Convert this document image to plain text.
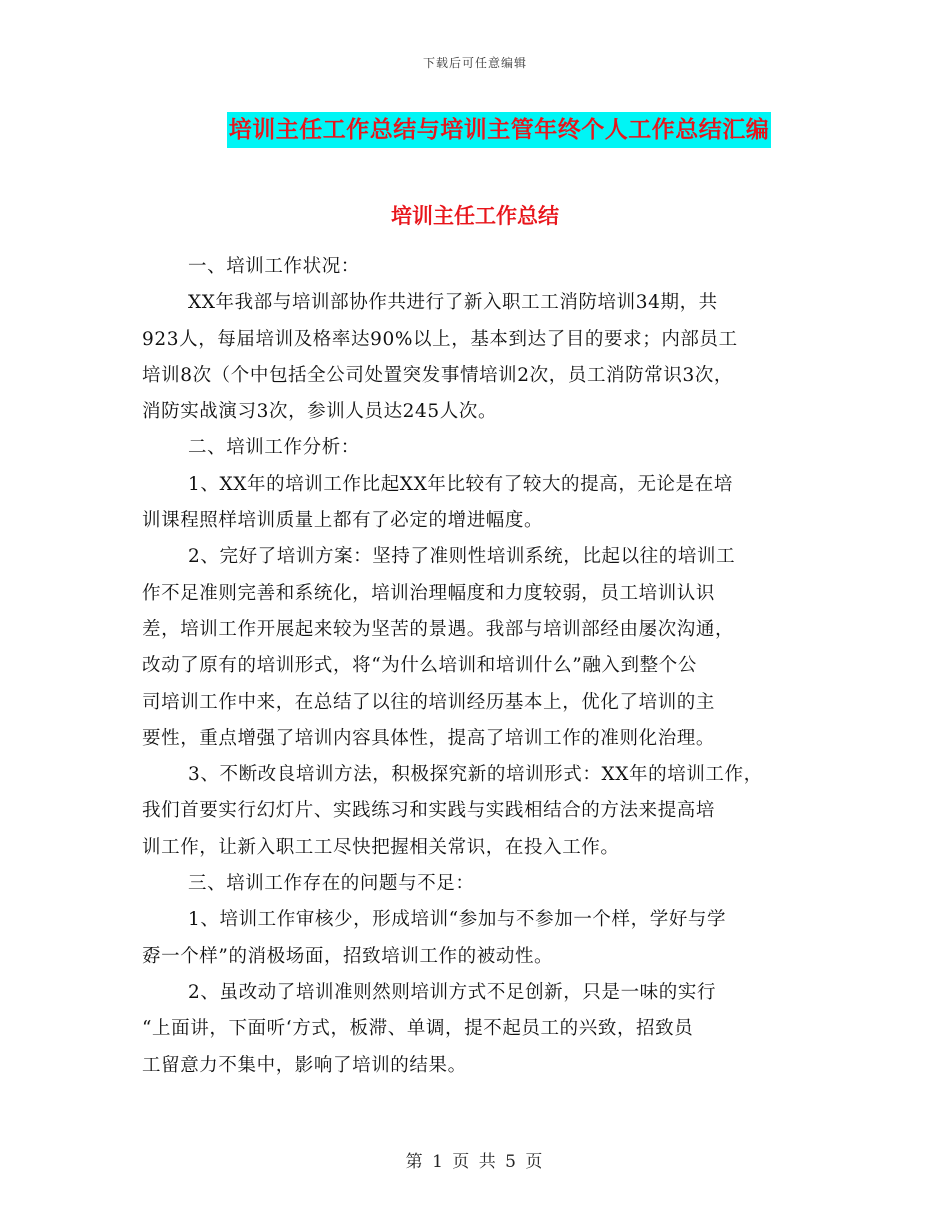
下载后可任意编辑
培训主任工作总结与培训主管年终个人工作总结汇编
培训主任工作总结
一、培训工作状况：
XX年我部与培训部协作共进行了新入职工工消防培训34期，共
923人，每届培训及格率达90%以上，基本到达了目的要求；内部员工
培训8次（个中包括全公司处置突发事情培训2次，员工消防常识3次，
消防实战演习3次，参训人员达245人次。
二、培训工作分析：
1、XX年的培训工作比起XX年比较有了较大的提高，无论是在培
训课程照样培训质量上都有了必定的增进幅度。
2、完好了培训方案：坚持了准则性培训系统，比起以往的培训工
作不足准则完善和系统化，培训治理幅度和力度较弱，员工培训认识
差，培训工作开展起来较为坚苦的景遇。我部与培训部经由屡次沟通，
改动了原有的培训形式，将“为什么培训和培训什么”融入到整个公
司培训工作中来，在总结了以往的培训经历基本上，优化了培训的主
要性，重点增强了培训内容具体性，提高了培训工作的准则化治理。
3、不断改良培训方法，积极探究新的培训形式：XX年的培训工作，
我们首要实行幻灯片、实践练习和实践与实践相结合的方法来提高培
训工作，让新入职工工尽快把握相关常识，在投入工作。
三、培训工作存在的问题与不足：
1、培训工作审核少，形成培训“参加与不参加一个样，学好与学
孬一个样”的消极场面，招致培训工作的被动性。
2、虽改动了培训准则然则培训方式不足创新，只是一味的实行
“上面讲，下面听‘方式，板滞、单调，提不起员工的兴致，招致员
工留意力不集中，影响了培训的结果。
第 1 页 共 5 页
